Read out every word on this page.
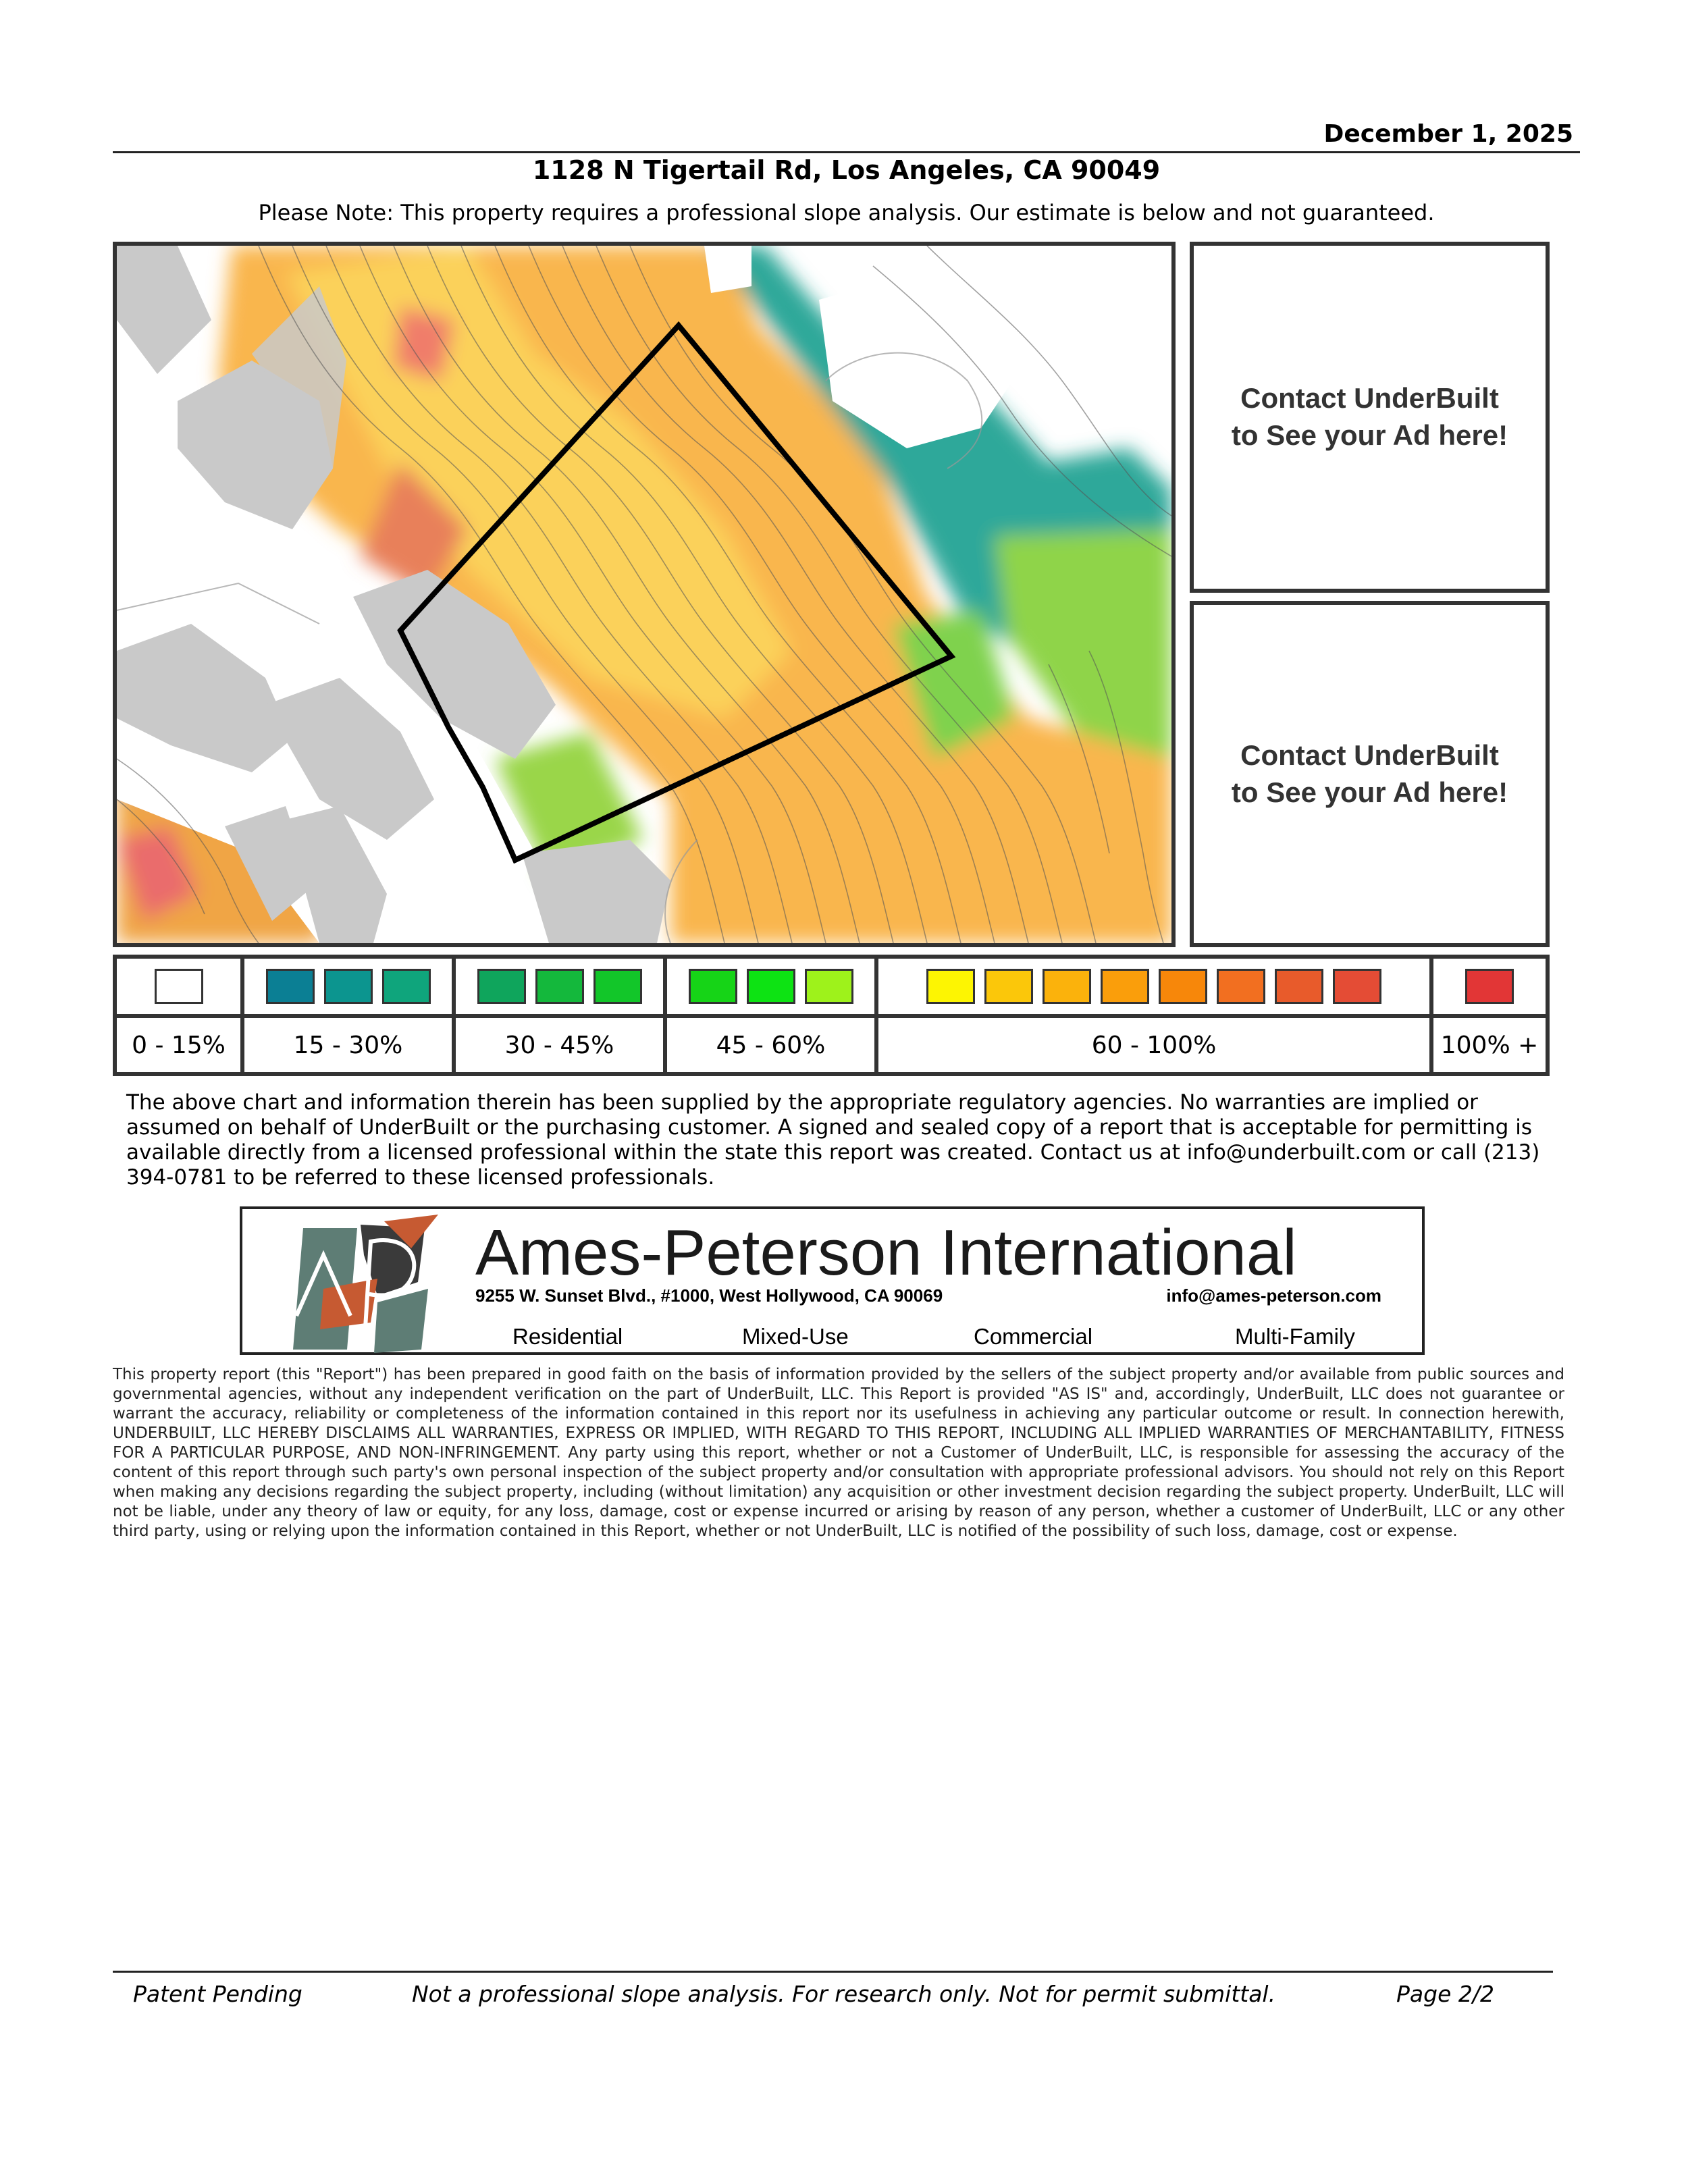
December 1, 2025
1128 N Tigertail Rd, Los Angeles, CA 90049
Please Note: This property requires a professional slope analysis. Our estimate is below and not guaranteed.
Contact UnderBuilt
to See your Ad here!
Contact UnderBuilt
to See your Ad here!
0 - 15%	15 - 30%	30 - 45%	45 - 60%	60 - 100%	100% +
The above chart and information therein has been supplied by the appropriate regulatory agencies. No warranties are implied or assumed on behalf of UnderBuilt or the purchasing customer. A signed and sealed copy of a report that is acceptable for permitting is available directly from a licensed professional within the state this report was created. Contact us at info@underbuilt.com or call (213) 394-0781 to be referred to these licensed professionals.
Ames-Peterson International
9255 W. Sunset Blvd., #1000, West Hollywood, CA 90069	info@ames-peterson.com
Residential	Mixed-Use	Commercial	Multi-Family
This property report (this "Report") has been prepared in good faith on the basis of information provided by the sellers of the subject property and/or available from public sources and governmental agencies, without any independent verification on the part of UnderBuilt, LLC. This Report is provided "AS IS" and, accordingly, UnderBuilt, LLC does not guarantee or warrant the accuracy, reliability or completeness of the information contained in this report nor its usefulness in achieving any particular outcome or result. In connection herewith, UNDERBUILT, LLC HEREBY DISCLAIMS ALL WARRANTIES, EXPRESS OR IMPLIED, WITH REGARD TO THIS REPORT, INCLUDING ALL IMPLIED WARRANTIES OF MERCHANTABILITY, FITNESS FOR A PARTICULAR PURPOSE, AND NON-INFRINGEMENT. Any party using this report, whether or not a Customer of UnderBuilt, LLC, is responsible for assessing the accuracy of the content of this report through such party's own personal inspection of the subject property and/or consultation with appropriate professional advisors. You should not rely on this Report when making any decisions regarding the subject property, including (without limitation) any acquisition or other investment decision regarding the subject property. UnderBuilt, LLC will not be liable, under any theory of law or equity, for any loss, damage, cost or expense incurred or arising by reason of any person, whether a customer of UnderBuilt, LLC or any other third party, using or relying upon the information contained in this Report, whether or not UnderBuilt, LLC is notified of the possibility of such loss, damage, cost or expense.
Patent Pending	Not a professional slope analysis. For research only. Not for permit submittal.	Page 2/2
